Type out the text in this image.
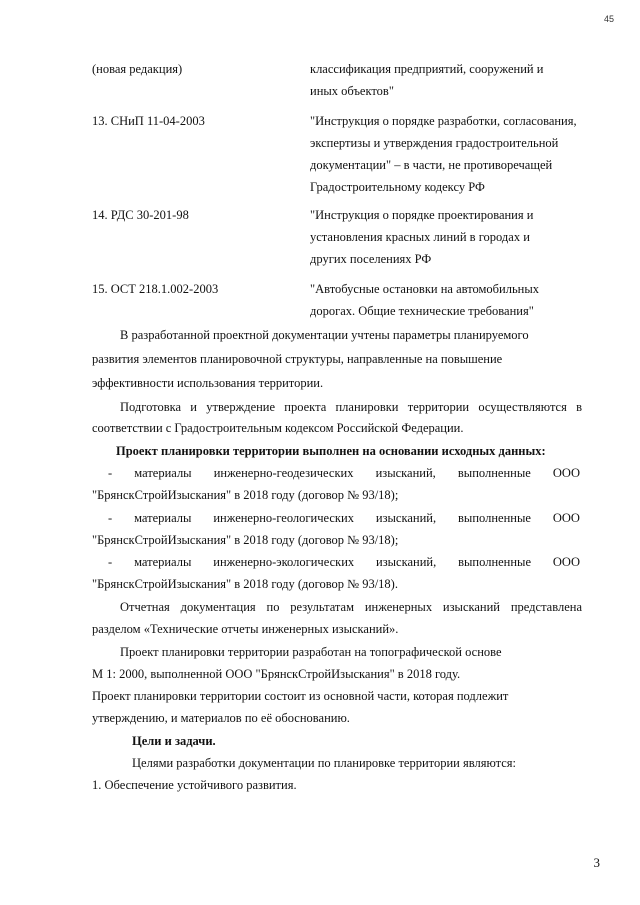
45
(новая редакция)	классификация предприятий, сооружений и
иных объектов"
13. СНиП 11-04-2003	"Инструкция о порядке разработки, согласования,
экспертизы и утверждения градостроительной
документации" – в части, не противоречащей
Градостроительному кодексу РФ
14. РДС 30-201-98	"Инструкция о порядке проектирования и
установления красных линий в городах и
других поселениях РФ
15. ОСТ 218.1.002-2003	"Автобусные остановки на автомобильных
дорогах. Общие технические требования"
В разработанной проектной документации учтены параметры планируемого
развития элементов планировочной структуры, направленные на повышение
эффективности использования территории.
Подготовка и утверждение проекта планировки территории осуществляются в
соответствии с Градостроительным кодексом Российской Федерации.
Проект планировки территории выполнен на основании исходных данных:
- материалы инженерно-геодезических изысканий, выполненные ООО
"БрянскСтройИзыскания" в 2018 году (договор № 93/18);
- материалы инженерно-геологических изысканий, выполненные ООО
"БрянскСтройИзыскания" в 2018 году (договор № 93/18);
- материалы инженерно-экологических изысканий, выполненные ООО
"БрянскСтройИзыскания" в 2018 году (договор № 93/18).
Отчетная документация по результатам инженерных изысканий представлена
разделом «Технические отчеты инженерных изысканий».
Проект планировки территории разработан на топографической основе
М 1: 2000, выполненной ООО "БрянскСтройИзыскания" в 2018 году.
Проект планировки территории состоит из основной части, которая подлежит
утверждению, и материалов по её обоснованию.
Цели и задачи.
Целями разработки документации по планировке территории являются:
1. Обеспечение устойчивого развития.
3
